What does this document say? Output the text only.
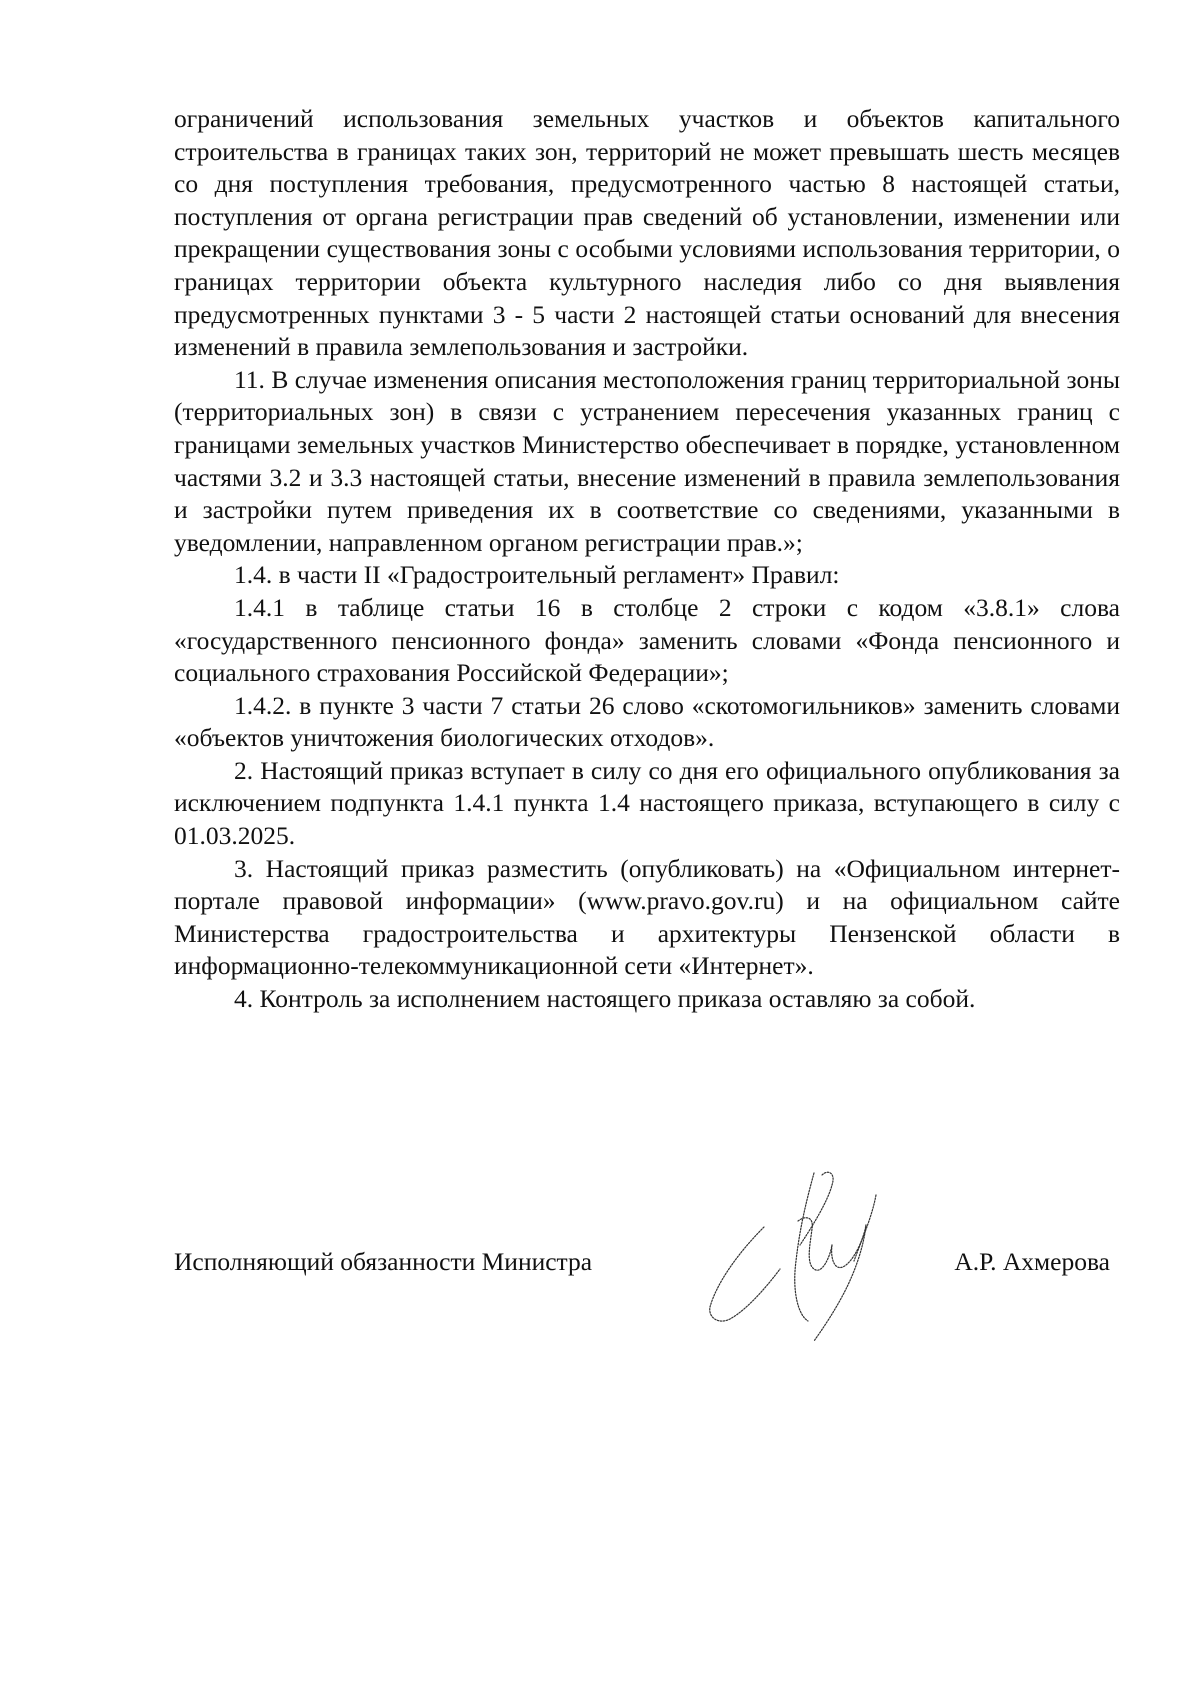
ограничений использования земельных участков и объектов капитального строительства в границах таких зон, территорий не может превышать шесть месяцев со дня поступления требования, предусмотренного частью 8 настоящей статьи, поступления от органа регистрации прав сведений об установлении, изменении или прекращении существования зоны с особыми условиями использования территории, о границах территории объекта культурного наследия либо со дня выявления предусмотренных пунктами 3 - 5 части 2 настоящей статьи оснований для внесения изменений в правила землепользования и застройки.

11. В случае изменения описания местоположения границ территориальной зоны (территориальных зон) в связи с устранением пересечения указанных границ с границами земельных участков Министерство обеспечивает в порядке, установленном частями 3.2 и 3.3 настоящей статьи, внесение изменений в правила землепользования и застройки путем приведения их в соответствие со сведениями, указанными в уведомлении, направленном органом регистрации прав.»;

1.4. в части II «Градостроительный регламент» Правил:

1.4.1 в таблице статьи 16 в столбце 2 строки с кодом «3.8.1» слова «государственного пенсионного фонда» заменить словами «Фонда пенсионного и социального страхования Российской Федерации»;

1.4.2. в пункте 3 части 7 статьи 26 слово «скотомогильников» заменить словами «объектов уничтожения биологических отходов».

2. Настоящий приказ вступает в силу со дня его официального опубликования за исключением подпункта 1.4.1 пункта 1.4 настоящего приказа, вступающего в силу с 01.03.2025.

3. Настоящий приказ разместить (опубликовать) на «Официальном интернет-портале правовой информации» (www.pravo.gov.ru) и на официальном сайте Министерства градостроительства и архитектуры Пензенской области в информационно-телекоммуникационной сети «Интернет».

4. Контроль за исполнением настоящего приказа оставляю за собой.

Исполняющий обязанности Министра	А.Р. Ахмерова
